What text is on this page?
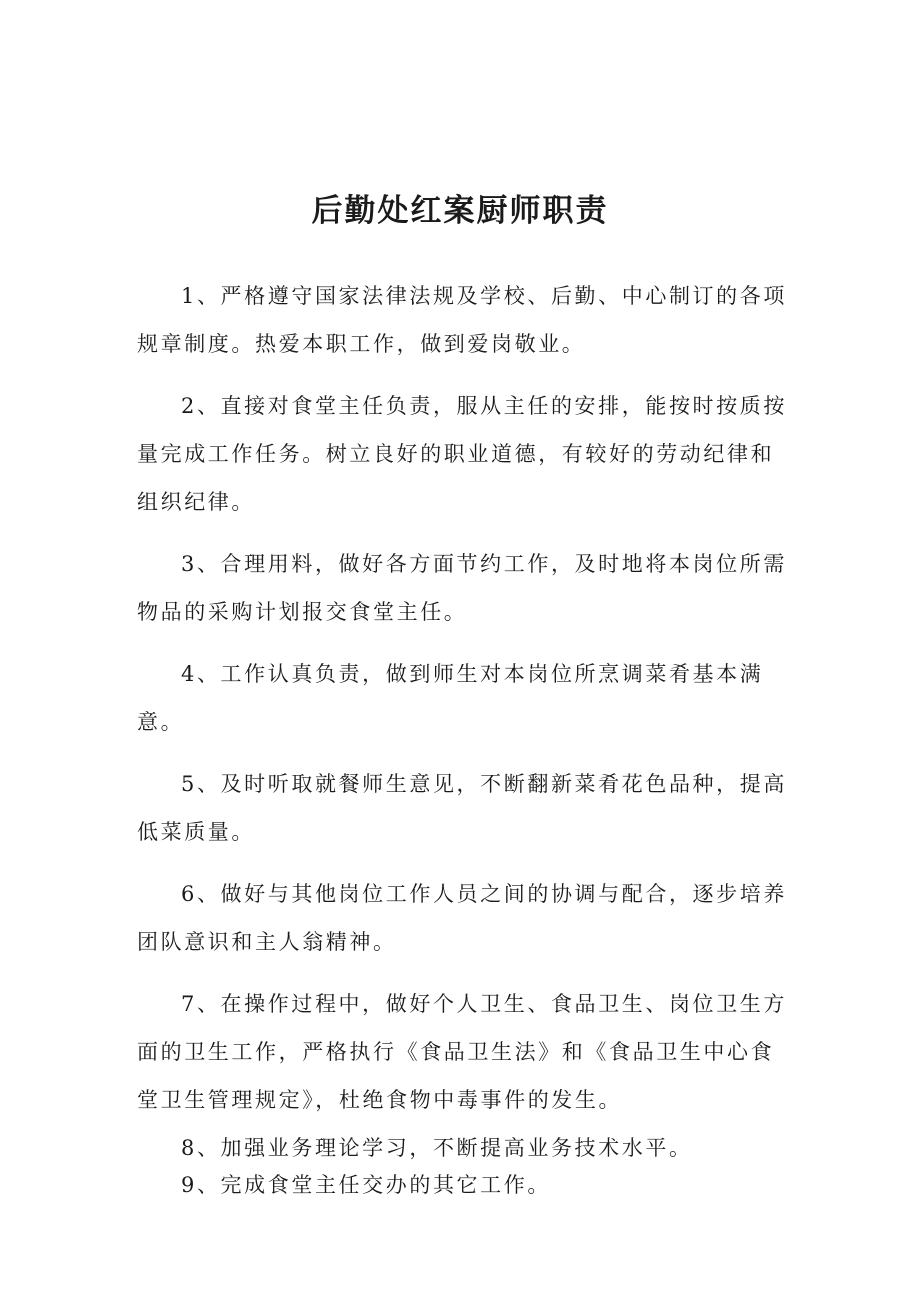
后勤处红案厨师职责

1、严格遵守国家法律法规及学校、后勤、中心制订的各项规章制度。热爱本职工作，做到爱岗敬业。

2、直接对食堂主任负责，服从主任的安排，能按时按质按量完成工作任务。树立良好的职业道德，有较好的劳动纪律和组织纪律。

3、合理用料，做好各方面节约工作，及时地将本岗位所需物品的采购计划报交食堂主任。

4、工作认真负责，做到师生对本岗位所烹调菜肴基本满意。

5、及时听取就餐师生意见，不断翻新菜肴花色品种，提高低菜质量。

6、做好与其他岗位工作人员之间的协调与配合，逐步培养团队意识和主人翁精神。

7、在操作过程中，做好个人卫生、食品卫生、岗位卫生方面的卫生工作，严格执行《食品卫生法》和《食品卫生中心食堂卫生管理规定》，杜绝食物中毒事件的发生。

8、加强业务理论学习，不断提高业务技术水平。

9、完成食堂主任交办的其它工作。
